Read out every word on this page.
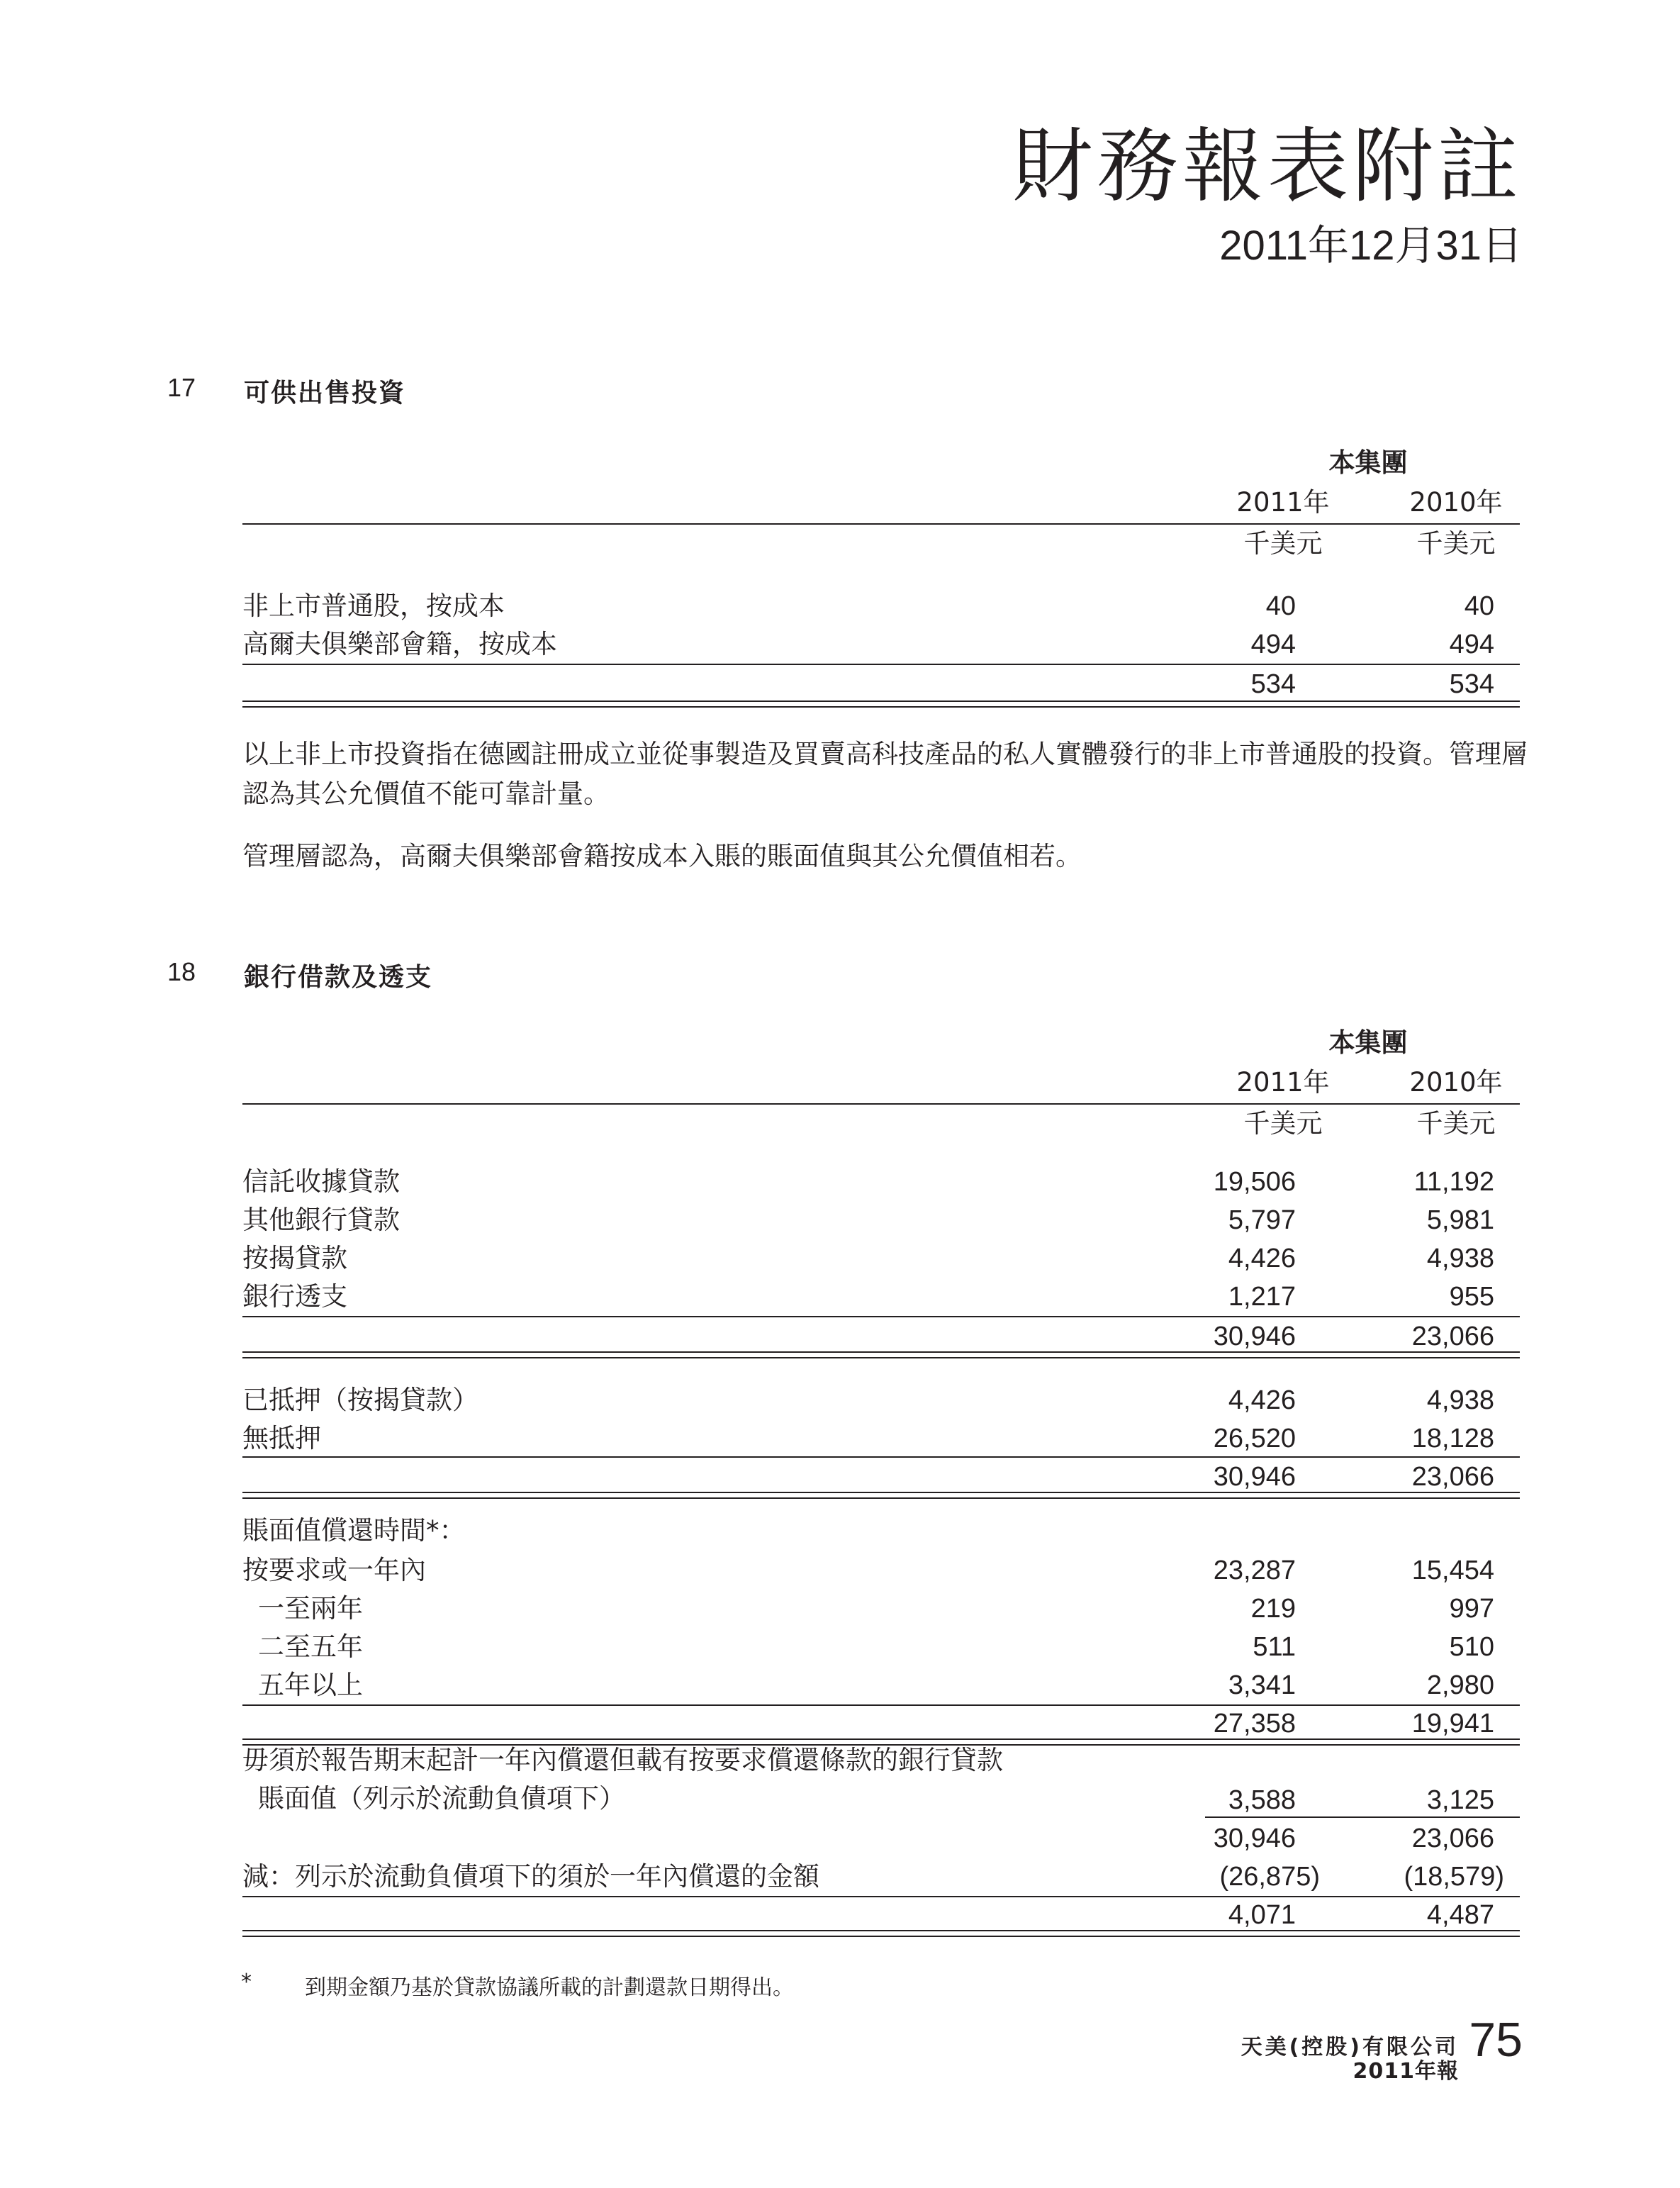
財務報表附註
2011年12月31日
17 可供出售投資
本集團
2011年	2010年
千美元	千美元
非上市普通股，按成本	40	40
高爾夫俱樂部會籍，按成本	494	494
534	534
以上非上市投資指在德國註冊成立並從事製造及買賣高科技產品的私人實體發行的非上市普通股的投資。管理層認為其公允價值不能可靠計量。
管理層認為，高爾夫俱樂部會籍按成本入賬的賬面值與其公允價值相若。
18 銀行借款及透支
本集團
2011年	2010年
千美元	千美元
信託收據貸款	19,506	11,192
其他銀行貸款	5,797	5,981
按揭貸款	4,426	4,938
銀行透支	1,217	955
30,946	23,066
已抵押（按揭貸款）	4,426	4,938
無抵押	26,520	18,128
30,946	23,066
賬面值償還時間*：
按要求或一年內	23,287	15,454
一至兩年	219	997
二至五年	511	510
五年以上	3,341	2,980
27,358	19,941
毋須於報告期末起計一年內償還但載有按要求償還條款的銀行貸款
賬面值（列示於流動負債項下）	3,588	3,125
30,946	23,066
減：列示於流動負債項下的須於一年內償還的金額	(26,875)	(18,579)
4,071	4,487
*	到期金額乃基於貸款協議所載的計劃還款日期得出。
天美(控股)有限公司
2011年報
75
